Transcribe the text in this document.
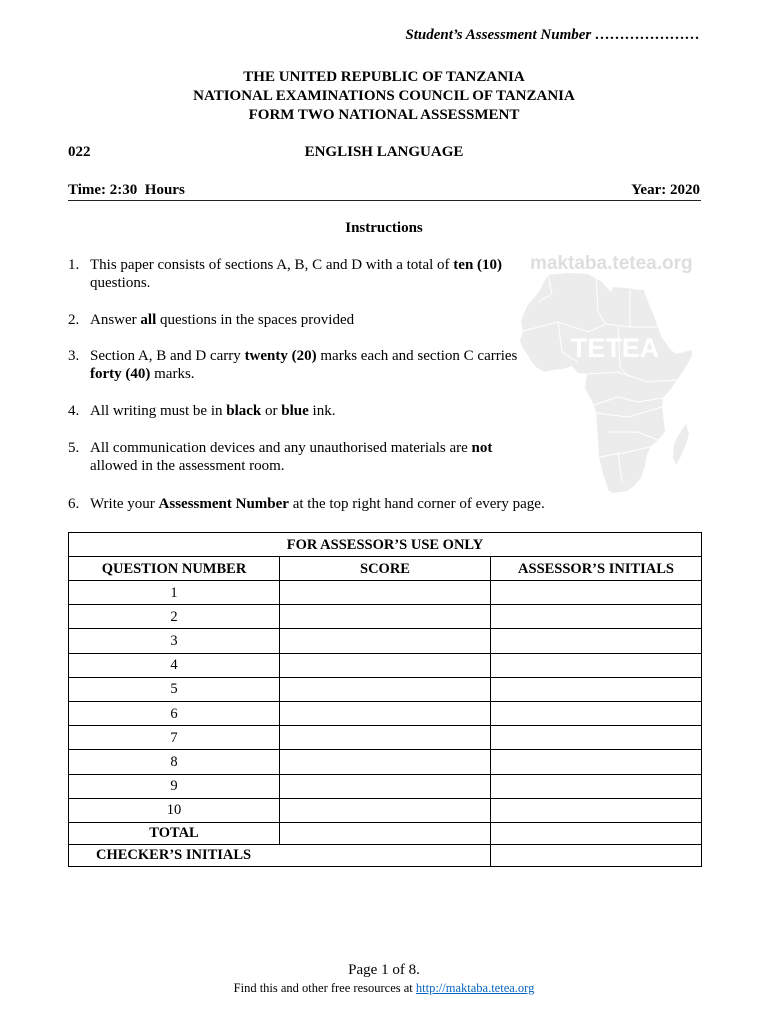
maktaba.tetea.org
TETEA
Student’s Assessment Number …………………
THE UNITED REPUBLIC OF TANZANIA
NATIONAL EXAMINATIONS COUNCIL OF TANZANIA
FORM TWO NATIONAL ASSESSMENT
022	ENGLISH LANGUAGE
Time: 2:30  Hours	Year: 2020
Instructions
1. This paper consists of sections A, B, C and D with a total of ten (10)
questions.
2. Answer all questions in the spaces provided
3. Section A, B and D carry twenty (20) marks each and section C carries
forty (40) marks.
4. All writing must be in black or blue ink.
5. All communication devices and any unauthorised materials are not
allowed in the assessment room.
6. Write your Assessment Number at the top right hand corner of every page.
FOR ASSESSOR’S USE ONLY		
QUESTION NUMBER	SCORE	ASSESSOR’S INITIALS
1		
2		
3		
4		
5		
6		
7		
8		
9		
10		
TOTAL		
CHECKER’S INITIALS		
Page 1 of 8.
Find this and other free resources at http://maktaba.tetea.org
